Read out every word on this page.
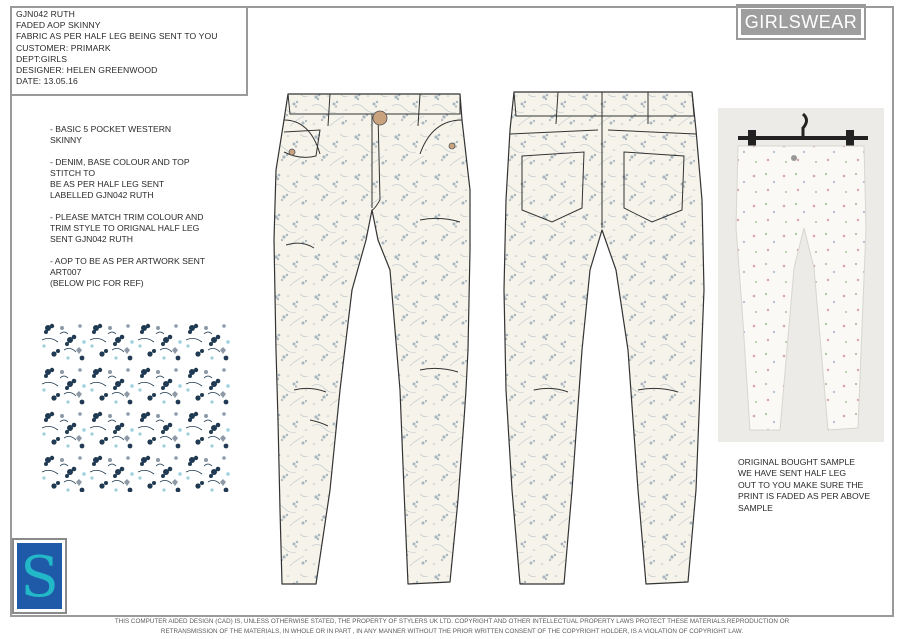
GJN042 RUTH
FADED AOP SKINNY
FABRIC AS PER HALF LEG BEING SENT TO YOU
CUSTOMER: PRIMARK
DEPT:GIRLS
DESIGNER: HELEN GREENWOOD
DATE: 13.05.16
GIRLSWEAR
- BASIC 5 POCKET WESTERN
SKINNY
- DENIM, BASE COLOUR AND TOP
STITCH TO
BE AS PER HALF LEG SENT
LABELLED GJN042 RUTH
- PLEASE MATCH TRIM COLOUR AND
TRIM STYLE TO ORIGNAL HALF LEG
SENT GJN042 RUTH
- AOP TO BE AS PER ARTWORK SENT
ART007
(BELOW PIC FOR REF)
ORIGINAL BOUGHT SAMPLE
WE HAVE SENT HALF LEG
OUT TO YOU MAKE SURE THE
PRINT IS FADED AS PER ABOVE
SAMPLE
S
THIS COMPUTER AIDED DESIGN (CAD) IS, UNLESS OTHERWISE STATED, THE PROPERTY OF STYLERS UK LTD. COPYRIGHT AND OTHER INTELLECTUAL PROPERTY LAWS PROTECT THESE MATERIALS.REPRODUCTION OR
RETRANSMISSION OF THE MATERIALS, IN WHOLE OR IN PART , IN ANY MANNER WITHOUT THE PRIOR WRITTEN CONSENT OF THE COPYRIGHT HOLDER, IS A VIOLATION OF COPYRIGHT LAW.
